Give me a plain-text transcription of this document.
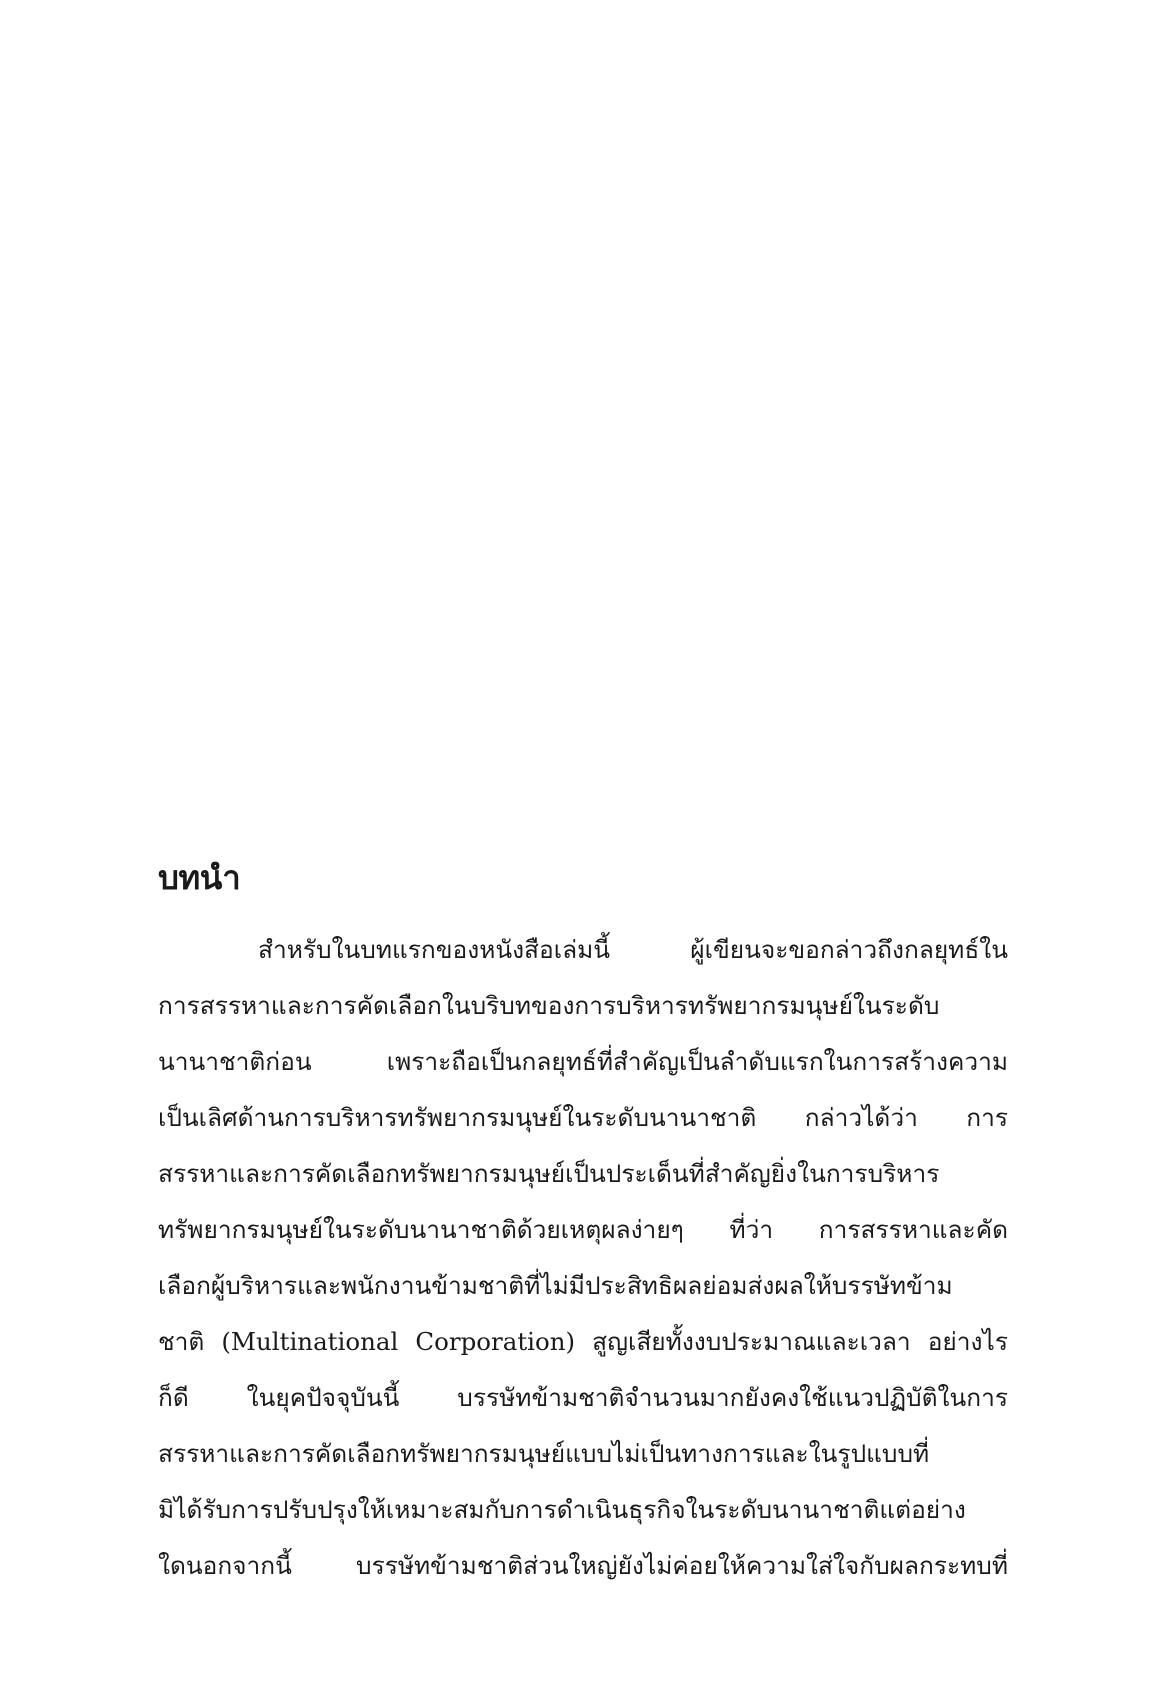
บทนำ
สำหรับในบทแรกของหนังสือเล่มนี้ ผู้เขียนจะขอกล่าวถึงกลยุทธ์ใน
การสรรหาและการคัดเลือกในบริบทของการบริหารทรัพยากรมนุษย์ในระดับ
นานาชาติก่อน เพราะถือเป็นกลยุทธ์ที่สำคัญเป็นลำดับแรกในการสร้างความ
เป็นเลิศด้านการบริหารทรัพยากรมนุษย์ในระดับนานาชาติ กล่าวได้ว่า การ
สรรหาและการคัดเลือกทรัพยากรมนุษย์เป็นประเด็นที่สำคัญยิ่งในการบริหาร
ทรัพยากรมนุษย์ในระดับนานาชาติด้วยเหตุผลง่ายๆ ที่ว่า การสรรหาและคัด
เลือกผู้บริหารและพนักงานข้ามชาติที่ไม่มีประสิทธิผลย่อมส่งผลให้บรรษัทข้าม
ชาติ (Multinational Corporation) สูญเสียทั้งงบประมาณและเวลา อย่างไร
ก็ดี ในยุคปัจจุบันนี้ บรรษัทข้ามชาติจำนวนมากยังคงใช้แนวปฏิบัติในการ
สรรหาและการคัดเลือกทรัพยากรมนุษย์แบบไม่เป็นทางการและในรูปแบบที่
มิได้รับการปรับปรุงให้เหมาะสมกับการดำเนินธุรกิจในระดับนานาชาติแต่อย่าง
ใดนอกจากนี้ บรรษัทข้ามชาติส่วนใหญ่ยังไม่ค่อยให้ความใส่ใจกับผลกระทบที่
